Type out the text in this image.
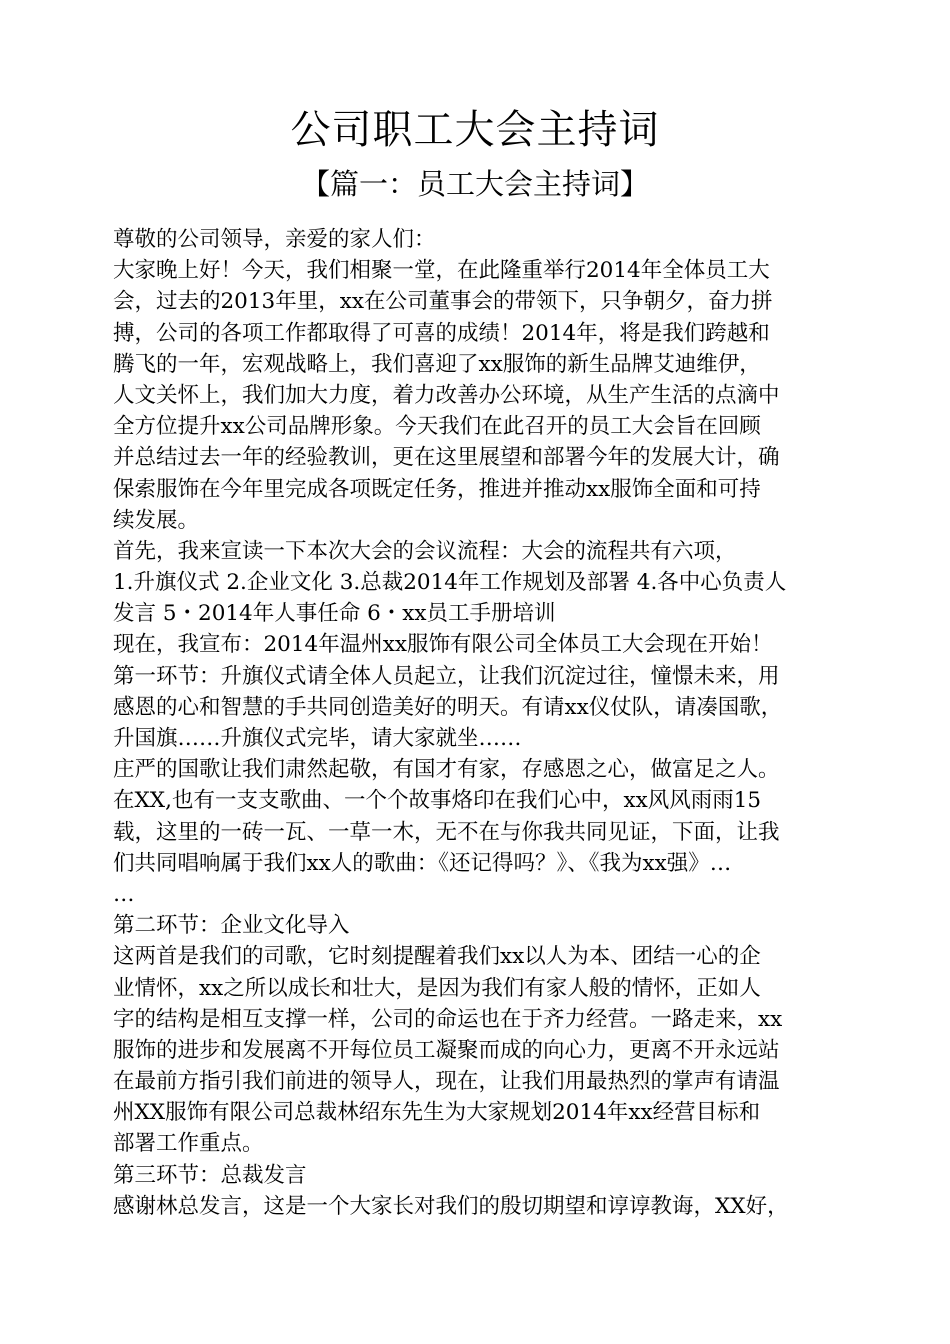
公司职工大会主持词
【篇一：员工大会主持词】
尊敬的公司领导，亲爱的家人们：
大家晚上好！今天，我们相聚一堂，在此隆重举行2014年全体员工大
会，过去的2013年里，xx在公司董事会的带领下，只争朝夕，奋力拼
搏，公司的各项工作都取得了可喜的成绩！2014年，将是我们跨越和
腾飞的一年，宏观战略上，我们喜迎了xx服饰的新生品牌艾迪维伊，
人文关怀上，我们加大力度，着力改善办公环境，从生产生活的点滴中
全方位提升xx公司品牌形象。今天我们在此召开的员工大会旨在回顾
并总结过去一年的经验教训，更在这里展望和部署今年的发展大计，确
保索服饰在今年里完成各项既定任务，推进并推动xx服饰全面和可持
续发展。
首先，我来宣读一下本次大会的会议流程：大会的流程共有六项，
1.升旗仪式 2.企业文化 3.总裁2014年工作规划及部署 4.各中心负责人
发言 5・2014年人事任命 6・xx员工手册培训
现在，我宣布：2014年温州xx服饰有限公司全体员工大会现在开始！
第一环节：升旗仪式请全体人员起立，让我们沉淀过往，憧憬未来，用
感恩的心和智慧的手共同创造美好的明天。有请xx仪仗队，请凑国歌，
升国旗……升旗仪式完毕，请大家就坐……
庄严的国歌让我们肃然起敬，有国才有家，存感恩之心，做富足之人。
在XX,也有一支支歌曲、一个个故事烙印在我们心中，xx风风雨雨15
载，这里的一砖一瓦、一草一木，无不在与你我共同见证，下面，让我
们共同唱响属于我们xx人的歌曲：《还记得吗？》、《我为xx强》…
…
第二环节：企业文化导入
这两首是我们的司歌，它时刻提醒着我们xx以人为本、团结一心的企
业情怀，xx之所以成长和壮大，是因为我们有家人般的情怀，正如人
字的结构是相互支撑一样，公司的命运也在于齐力经营。一路走来，xx
服饰的进步和发展离不开每位员工凝聚而成的向心力，更离不开永远站
在最前方指引我们前进的领导人，现在，让我们用最热烈的掌声有请温
州XX服饰有限公司总裁林绍东先生为大家规划2014年xx经营目标和
部署工作重点。
第三环节：总裁发言
感谢林总发言，这是一个大家长对我们的殷切期望和谆谆教诲，XX好，
